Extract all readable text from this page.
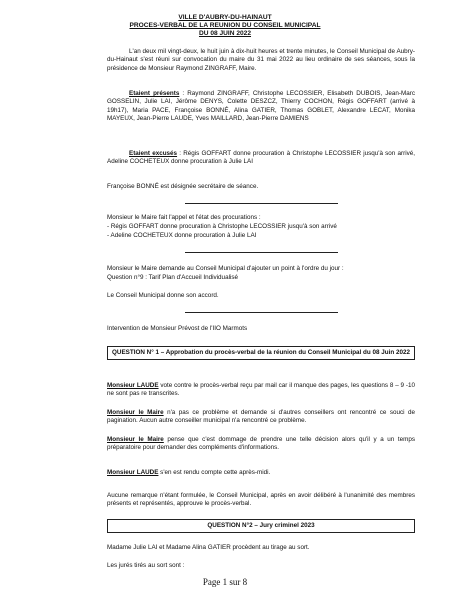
VILLE D'AUBRY-DU-HAINAUT
PROCES-VERBAL DE LA REUNION DU CONSEIL MUNICIPAL
DU 08 JUIN 2022
L'an deux mil vingt-deux, le huit juin à dix-huit heures et trente minutes, le Conseil Municipal de Aubry-du-Hainaut s'est réuni sur convocation du maire du 31 mai 2022 au lieu ordinaire de ses séances, sous la présidence de Monsieur Raymond ZINGRAFF, Maire.
Etaient présents : Raymond ZINGRAFF, Christophe LECOSSIER, Elisabeth DUBOIS, Jean-Marc GOSSELIN, Julie LAI, Jérôme DENYS, Colette DESZCZ, Thierry COCHON, Régis GOFFART (arrivé à 19h17), Maria PACE, Françoise BONNÉ, Alina GATIER, Thomas GOBLET, Alexandre LECAT, Monika MAYEUX, Jean-Pierre LAUDE, Yves MAILLARD, Jean-Pierre DAMIENS
Etaient excusés : Régis GOFFART donne procuration à Christophe LECOSSIER jusqu'à son arrivé, Adeline COCHETEUX donne procuration à Julie LAI
Françoise BONNÉ est désignée secrétaire de séance.
Monsieur le Maire fait l'appel et l'état des procurations :
- Régis GOFFART donne procuration à Christophe LECOSSIER jusqu'à son arrivé
- Adeline COCHETEUX donne procuration à Julie LAI
Monsieur le Maire demande au Conseil Municipal d'ajouter un point à l'ordre du jour :
Question n°9 : Tarif Plan d'Accueil Individualisé
Le Conseil Municipal donne son accord.
Intervention de Monsieur Prévost de l'IIO Marmots
QUESTION N° 1 – Approbation du procès-verbal de la réunion du Conseil Municipal du 08 Juin 2022
Monsieur LAUDE vote contre le procès-verbal reçu par mail car il manque des pages, les questions 8 – 9 -10 ne sont pas re transcrites.
Monsieur le Maire n'a pas ce problème et demande si d'autres conseillers ont rencontré ce souci de pagination. Aucun autre conseiller municipal n'a rencontré ce problème.
Monsieur le Maire pense que c'est dommage de prendre une telle décision alors qu'il y a un temps préparatoire pour demander des compléments d'informations.
Monsieur LAUDE s'en est rendu compte cette après-midi.
Aucune remarque n'étant formulée, le Conseil Municipal, après en avoir délibéré à l'unanimité des membres présents et représentés, approuve le procès-verbal.
QUESTION N°2 – Jury criminel 2023
Madame Julie LAI et Madame Alina GATIER procèdent au tirage au sort.
Les jurés tirés au sort sont :
Page 1 sur 8
